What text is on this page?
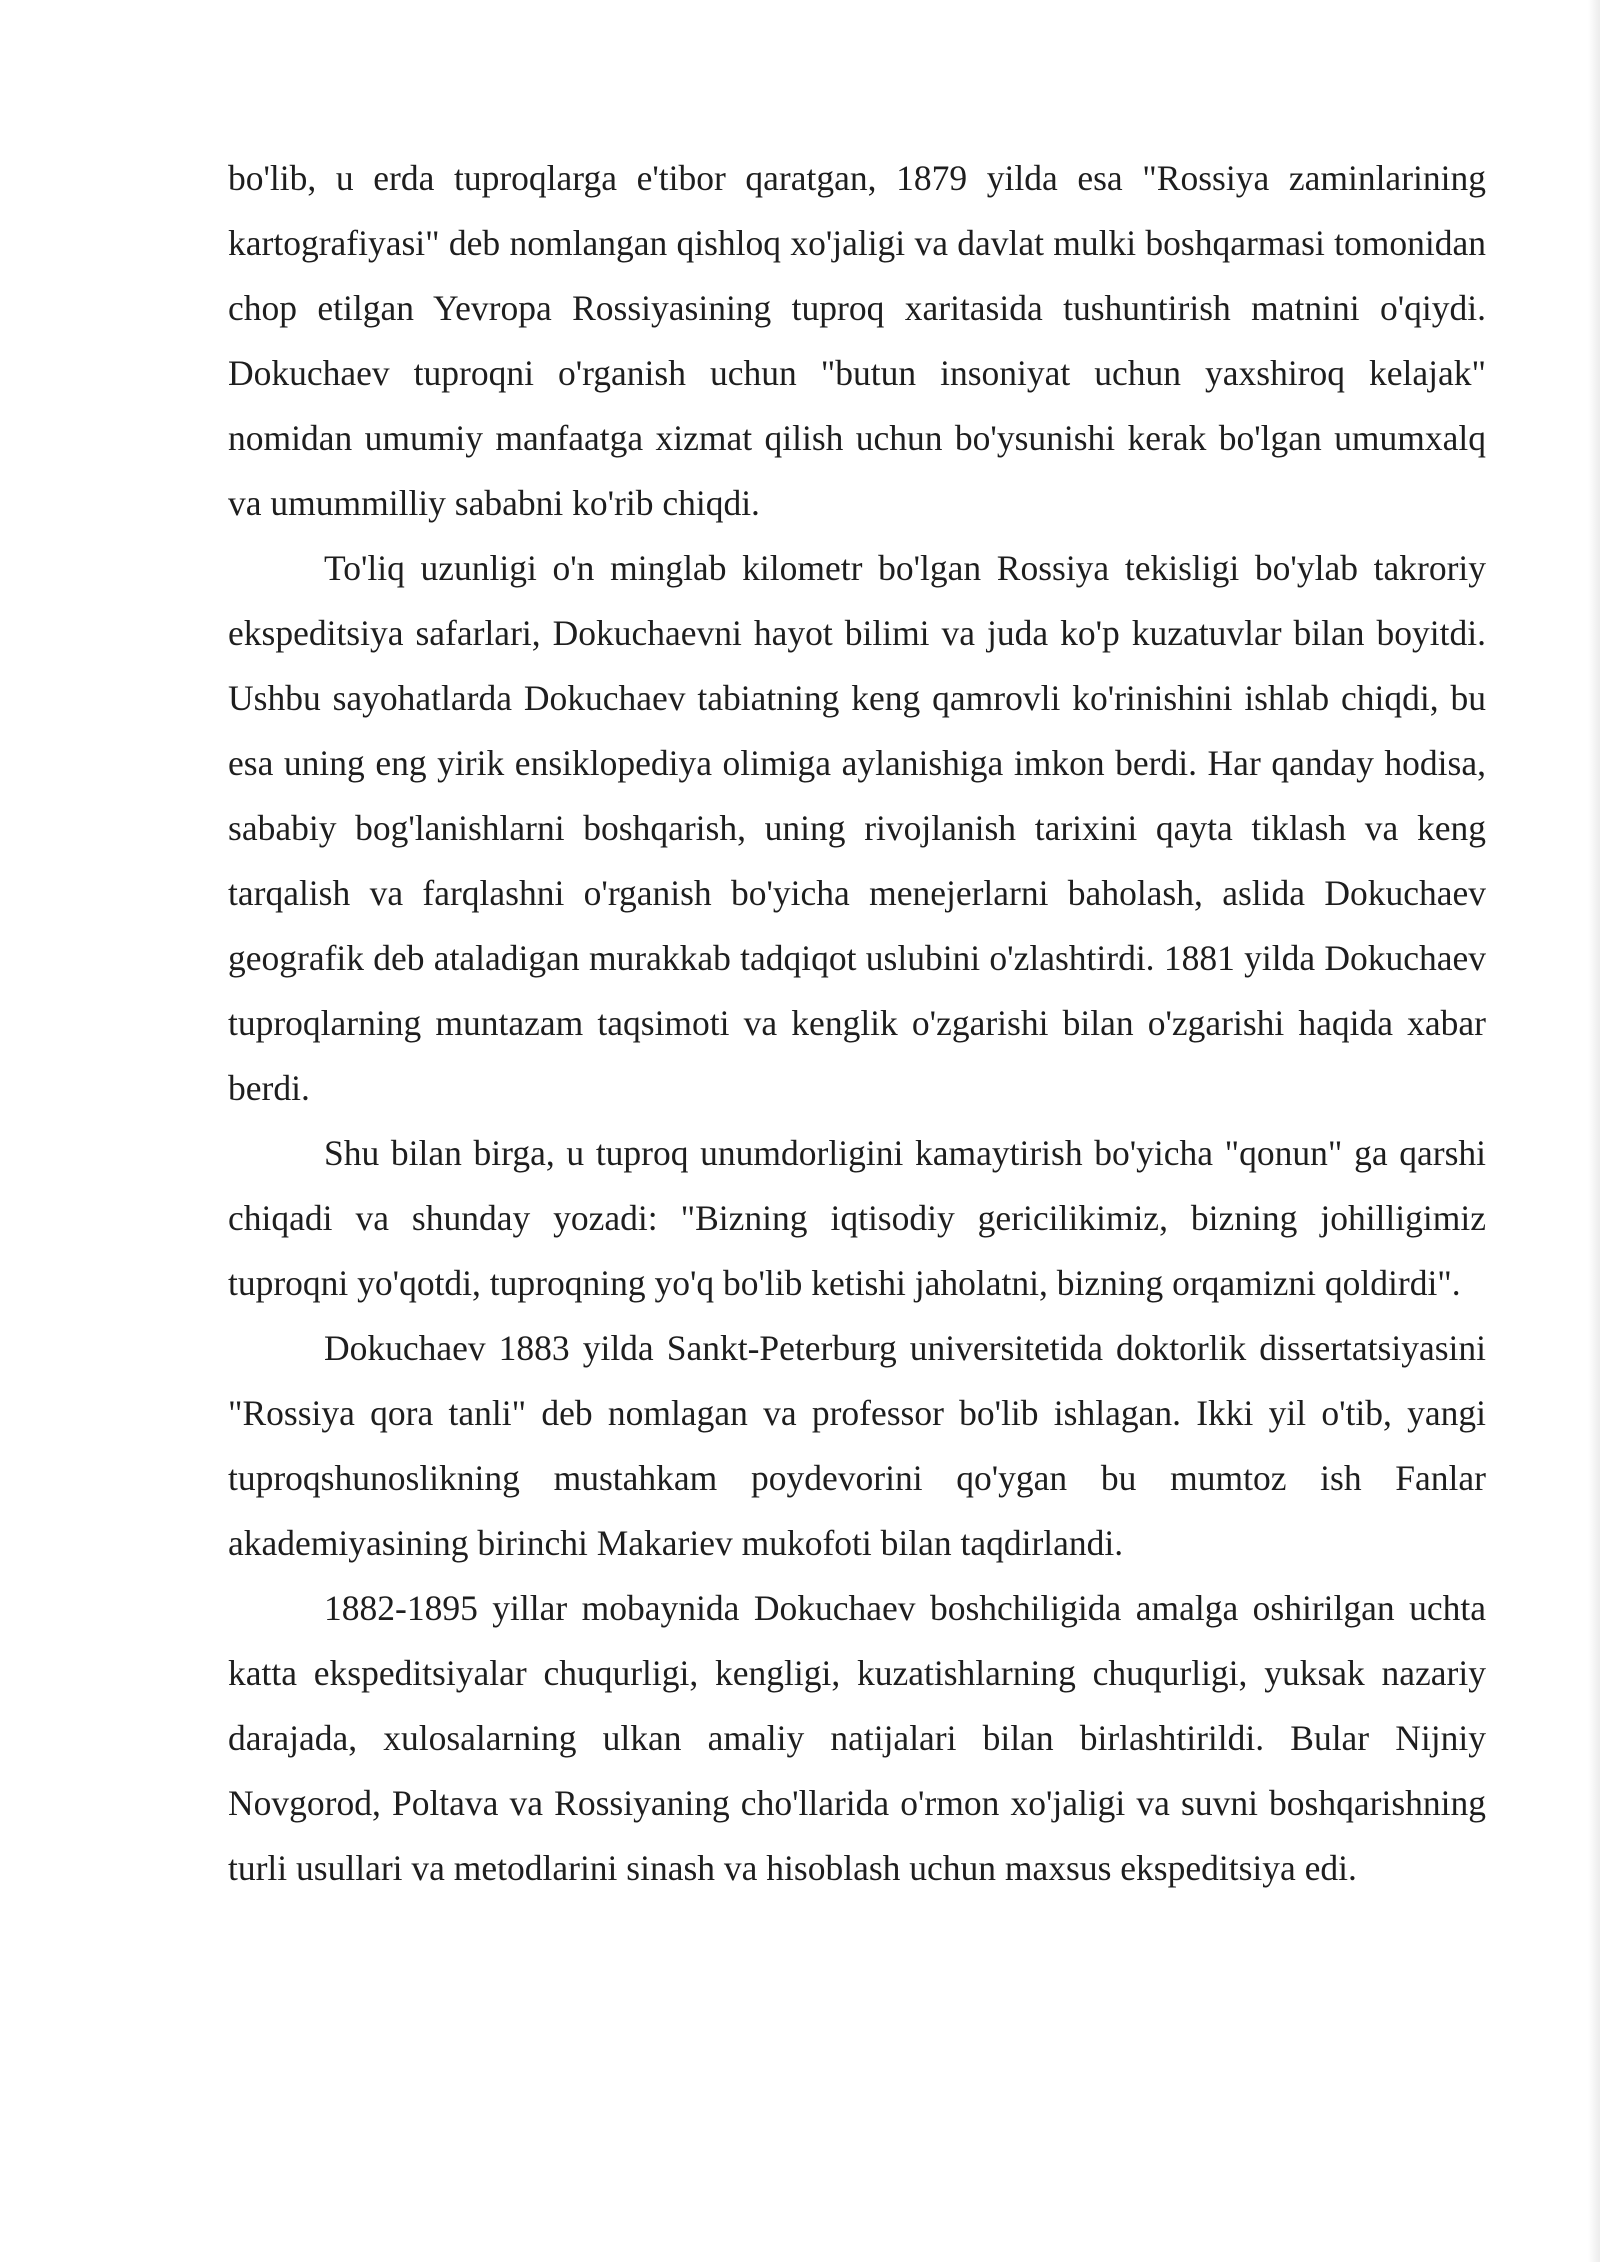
bo'lib, u erda tuproqlarga e'tibor qaratgan, 1879 yilda esa "Rossiya zaminlarining kartografiyasi" deb nomlangan qishloq xo'jaligi va davlat mulki boshqarmasi tomonidan chop etilgan Yevropa Rossiyasining tuproq xaritasida tushuntirish matnini o'qiydi. Dokuchaev tuproqni o'rganish uchun "butun insoniyat uchun yaxshiroq kelajak" nomidan umumiy manfaatga xizmat qilish uchun bo'ysunishi kerak bo'lgan umumxalq va umummilliy sababni ko'rib chiqdi.

To'liq uzunligi o'n minglab kilometr bo'lgan Rossiya tekisligi bo'ylab takroriy ekspeditsiya safarlari, Dokuchaevni hayot bilimi va juda ko'p kuzatuvlar bilan boyitdi. Ushbu sayohatlarda Dokuchaev tabiatning keng qamrovli ko'rinishini ishlab chiqdi, bu esa uning eng yirik ensiklopediya olimiga aylanishiga imkon berdi. Har qanday hodisa, sababiy bog'lanishlarni boshqarish, uning rivojlanish tarixini qayta tiklash va keng tarqalish va farqlashni o'rganish bo'yicha menejerlarni baholash, aslida Dokuchaev geografik deb ataladigan murakkab tadqiqot uslubini o'zlashtirdi. 1881 yilda Dokuchaev tuproqlarning muntazam taqsimoti va kenglik o'zgarishi bilan o'zgarishi haqida xabar berdi.

Shu bilan birga, u tuproq unumdorligini kamaytirish bo'yicha "qonun" ga qarshi chiqadi va shunday yozadi: "Bizning iqtisodiy gericilikimiz, bizning johilligimiz tuproqni yo'qotdi, tuproqning yo'q bo'lib ketishi jaholatni, bizning orqamizni qoldirdi".

Dokuchaev 1883 yilda Sankt-Peterburg universitetida doktorlik dissertatsiyasini "Rossiya qora tanli" deb nomlagan va professor bo'lib ishlagan. Ikki yil o'tib, yangi tuproqshunoslikning mustahkam poydevorini qo'ygan bu mumtoz ish Fanlar akademiyasining birinchi Makariev mukofoti bilan taqdirlandi.

1882-1895 yillar mobaynida Dokuchaev boshchiligida amalga oshirilgan uchta katta ekspeditsiyalar chuqurligi, kengligi, kuzatishlarning chuqurligi, yuksak nazariy darajada, xulosalarning ulkan amaliy natijalari bilan birlashtirildi. Bular Nijniy Novgorod, Poltava va Rossiyaning cho'llarida o'rmon xo'jaligi va suvni boshqarishning turli usullari va metodlarini sinash va hisoblash uchun maxsus ekspeditsiya edi.
